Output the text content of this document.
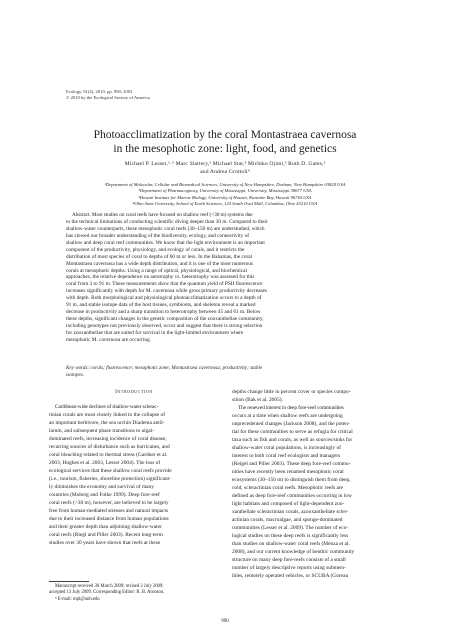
Ecology, 91(4), 2010, pp. 990–1003
© 2010 by the Ecological Society of America
Photoacclimatization by the coral Montastraea cavernosa
in the mesophotic zone: light, food, and genetics
Michael P. Lesser,¹·⁵ Marc Slattery,² Michael Stat,³ Michiko Ojimi,³ Ruth D. Gates,³
and Andrea Grottoli⁴
¹Department of Molecular, Cellular and Biomedical Sciences, University of New Hampshire, Durham, New Hampshire 03824 USA
²Department of Pharmacognosy, University of Mississippi, University, Mississippi 38677 USA
³Hawaii Institute for Marine Biology, University of Hawaii, Kaneohe Bay, Hawaii 96744 USA
⁴Ohio State University, School of Earth Sciences, 125 South Oval Mall, Columbus, Ohio 43210 USA
Abstract. Most studies on coral reefs have focused on shallow reef (<30 m) systems due
to the technical limitations of conducting scientific diving deeper than 30 m. Compared to their
shallow-water counterparts, these mesophotic coral reefs (30–150 m) are understudied, which
has slowed our broader understanding of the biodiversity, ecology, and connectivity of
shallow and deep coral reef communities. We know that the light environment is an important
component of the productivity, physiology, and ecology of corals, and it restricts the
distribution of most species of coral to depths of 60 m or less. In the Bahamas, the coral
Montastraea cavernosa has a wide depth distribution, and it is one of the most numerous
corals at mesophotic depths. Using a range of optical, physiological, and biochemical
approaches, the relative dependence on autotrophy vs. heterotrophy was assessed for this
coral from 3 to 91 m. These measurements show that the quantum yield of PSII fluorescence
increases significantly with depth for M. cavernosa while gross primary productivity decreases
with depth. Both morphological and physiological photoacclimatization occurs to a depth of
91 m, and stable isotope data of the host tissues, symbionts, and skeleton reveal a marked
decrease in productivity and a sharp transition to heterotrophy between 45 and 61 m. Below
these depths, significant changes in the genetic composition of the zooxanthellae community,
including genotypes not previously observed, occur and suggest that there is strong selection
for zooxanthellae that are suited for survival in the light-limited environment where
mesophotic M. cavernosa are occurring.
Key words: corals; fluorescence; mesophotic zone; Montastraea cavernosa; productivity; stable
isotopes.
Introduction
Caribbean-wide declines of shallow-water sclerac-
tinian corals are most closely linked to the collapse of
an important herbivore, the sea urchin Diadema antil-
larum, and subsequent phase transitions to algal-
dominated reefs, increasing incidence of coral disease,
recurring sources of disturbance such as hurricanes, and
coral bleaching related to thermal stress (Gardner et al.
2003, Hughes et al. 2003, Lesser 2004). The loss of
ecological services that these shallow coral reefs provide
(i.e., tourism, fisheries, shoreline protection) significant-
ly diminishes the economy and survival of many
countries (Moberg and Folke 1999). Deep fore-reef
coral reefs (>30 m), however, are believed to be largely
free from human-mediated stresses and natural impacts
due to their increased distance from human populations
and their greater depth than adjoining shallow-water
coral reefs (Riegl and Piller 2003). Recent long-term
studies over 30 years have shown that reefs at these
depths change little in percent cover or species compo-
sition (Bak et al. 2005).
The renewed interest in deep fore-reef communities
occurs at a time when shallow reefs are undergoing
unprecedented changes (Jackson 2008), and the poten-
tial for these communities to serve as refugia for critical
taxa such as fish and corals, as well as sources/sinks for
shallow-water coral populations, is increasingly of
interest to both coral reef ecologists and managers
(Reigel and Piller 2003). These deep fore-reef commu-
nities have recently been renamed mesophotic coral
ecosystems (30–150 m) to distinguish them from deep,
cold, scleractinian coral reefs. Mesophotic reefs are
defined as deep fore-reef communities occurring in low
light habitats and composed of light-dependent zoo-
xanthellate scleractinian corals, azooxanthellate scler-
actinian corals, macroalgae, and sponge-dominated
communities (Lesser et al. 2009). The number of eco-
logical studies on these deep reefs is significantly less
than studies on shallow-water coral reefs (Menza et al.
2008), and our current knowledge of benthic community
structure on many deep fore-reefs consists of a small
number of largely descriptive reports using submers-
ibles, remotely operated vehicles, or SCUBA (Goreau
Manuscript received 30 March 2009; revised 2 July 2009;
accepted 13 July 2009. Corresponding Editor: R. B. Aronson.
⁵ E-mail: mpl@unh.edu
990
